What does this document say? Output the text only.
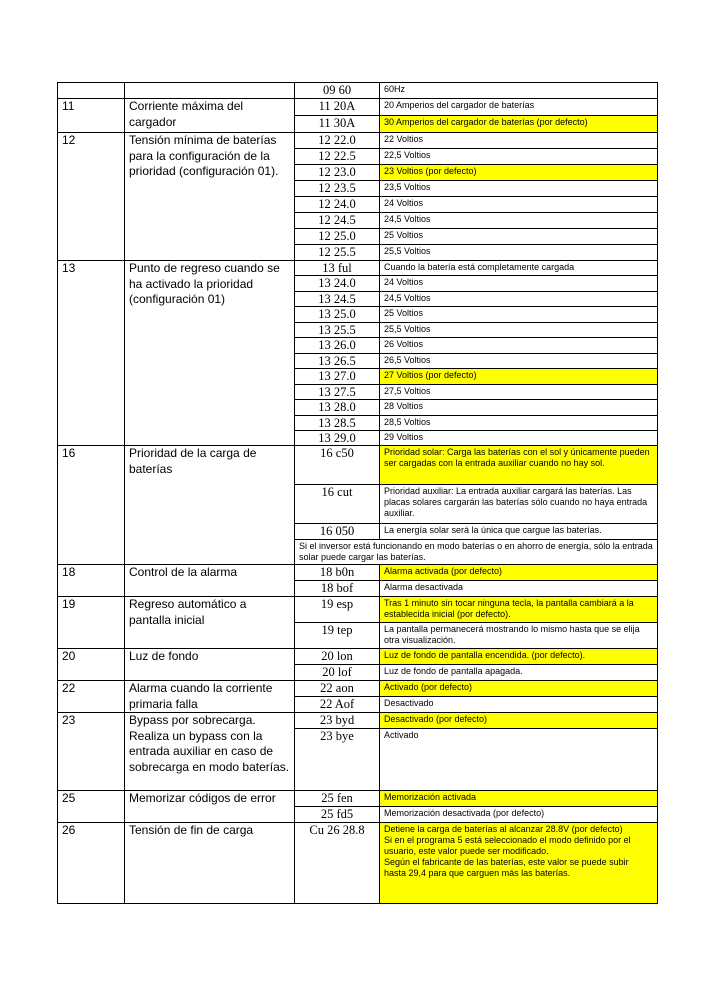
		09 60	60Hz
11	Corriente máxima del cargador	11 20A	20 Amperios del cargador de baterías
		11 30A	30 Amperios del cargador de baterías (por defecto)
12	Tensión mínima de baterías para la configuración de la prioridad (configuración 01).	12 22.0	22 Voltios
		12 22.5	22,5 Voltios
		12 23.0	23 Voltios (por defecto)
		12 23.5	23,5 Voltios
		12 24.0	24 Voltios
		12 24.5	24,5 Voltios
		12 25.0	25 Voltios
		12 25.5	25,5 Voltios
13	Punto de regreso cuando se ha activado la prioridad (configuración 01)	13 ful	Cuando la batería está completamente cargada
		13 24.0	24 Voltios
		13 24.5	24,5 Voltios
		13 25.0	25 Voltios
		13 25.5	25,5 Voltios
		13 26.0	26 Voltios
		13 26.5	26,5 Voltios
		13 27.0	27 Voltios (por defecto)
		13 27.5	27,5 Voltios
		13 28.0	28 Voltios
		13 28.5	28,5 Voltios
		13 29.0	29 Voltios
16	Prioridad de la carga de baterías	16 c50	Prioridad solar: Carga las baterías con el sol y únicamente pueden ser cargadas con la entrada auxiliar cuando no hay sol.
		16 cut	Prioridad auxiliar: La entrada auxiliar cargará las baterías. Las placas solares cargarán las baterías sólo cuando no haya entrada auxiliar.
		16 050	La energía solar será la única que cargue las baterías.
		Si el inversor está funcionando en modo baterías o en ahorro de energía, sólo la entrada solar puede cargar las baterías.	
18	Control de la alarma	18 b0n	Alarma activada (por defecto)
		18 bof	Alarma desactivada
19	Regreso automático a pantalla inicial	19 esp	Tras 1 minuto sin tocar ninguna tecla, la pantalla cambiará a la establecida inicial (por defecto).
		19 tep	La pantalla permanecerá mostrando lo mismo hasta que se elija otra visualización.
20	Luz de fondo	20 lon	Luz de fondo de pantalla encendida. (por defecto).
		20 lof	Luz de fondo de pantalla apagada.
22	Alarma cuando la corriente primaria falla	22 aon	Activado (por defecto)
		22 Aof	Desactivado
23	Bypass por sobrecarga. Realiza un bypass con la entrada auxiliar en caso de sobrecarga en modo baterías.	23 byd	Desactivado (por defecto)
		23 bye	Activado
25	Memorizar códigos de error	25 fen	Memorización activada
		25 fd5	Memorización desactivada (por defecto)
26	Tensión de fin de carga	Cu 26 28.8	Detiene la carga de baterías al alcanzar 28.8V (por defecto)
Si en el programa 5 está seleccionado el modo definido por el usuario, este valor puede ser modificado.
Según el fabricante de las baterías, este valor se puede subir hasta 29,4 para que carguen más las baterías.
